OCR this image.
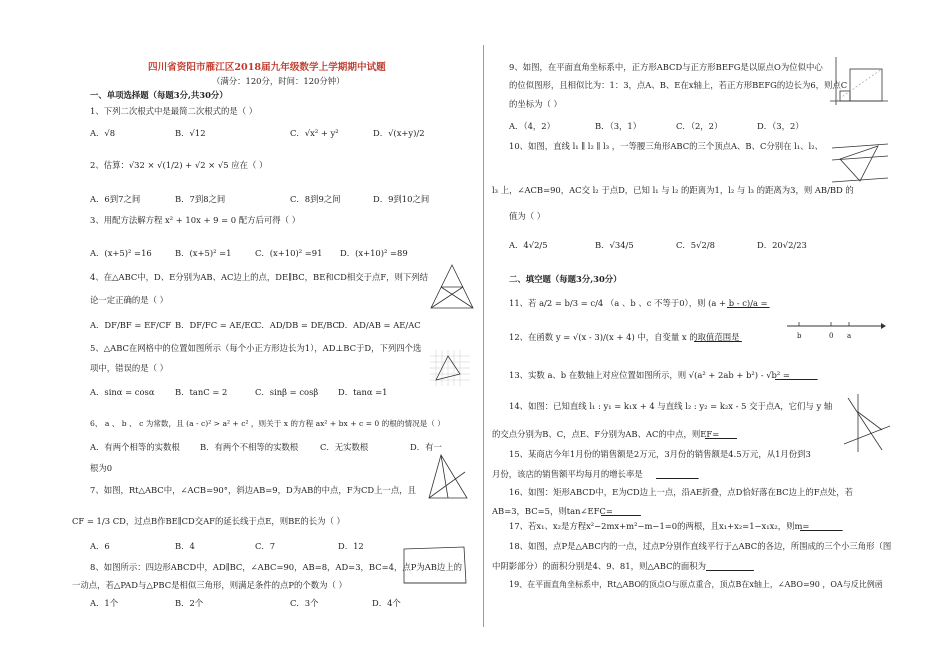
四川省资阳市雁江区2018届九年级数学上学期期中试题
（满分：120分，时间：120分钟）
一、单项选择题（每题3分,共30分）
1、下列二次根式中是最简二次根式的是（ ）
A．√8	B．√12	C．√x² + y²	D．√(x+y)/2
2、估算：√32 × √(1/2) + √2 × √5 应在（ ）
A．6到7之间	B．7到8之间	C．8到9之间	D．9到10之间
3、用配方法解方程 x² + 10x + 9 = 0 配方后可得（ ）
A．(x+5)² =16	B．(x+5)² =1	C．(x+10)² =91 D．(x+10)² =89
4、在△ABC中，D、E分别为AB、AC边上的点，DE∥BC，BE和CD相交于点F，则下列结
论一定正确的是（ ）
A．DF/BF = EF/CF B．DF/FC = AE/EC
C．AD/DB = DE/BC D．AD/AB = AE/AC
5、△ABC在网格中的位置如图所示（每个小正方形边长为1），AD⊥BC于D，下列四个选
项中，错误的是（ ）
A．sinα = cosα B．tanC = 2	C．sinβ = cosβ D．tanα =1
6、 a 、 b 、 c 为常数，且 (a - c)² > a² + c² ，则关于 x 的方程 ax² + bx + c = 0 的根的情况是（ ）
A．有两个相等的实数根 B．有两个不相等的实数根	C．无实数根	D．有一
根为0
7、如图，Rt△ABC中，∠ACB=90°，斜边AB=9，D为AB的中点，F为CD上一点，且
CF = 1/3 CD，过点B作BE∥CD交AF的延长线于点E，则BE的长为（ ）
A．6	B．4	C．7	D．12
8、如图所示：四边形ABCD中，AD∥BC，∠ABC=90，AB=8，AD=3，BC=4，点P为AB边上的
一动点，若△PAD与△PBC是相似三角形，则满足条件的点P的个数为（ ）
A．1个	B．2个	C．3个	D．4个
9、如图，在平面直角坐标系中，正方形ABCD与正方形BEFG是以原点O为位似中心
的位似图形，且相似比为：1：3，点A、B、E在x轴上，若正方形BEFG的边长为6，则点C
的坐标为（ ）
A．（4，2）	B．（3，1）	C．（2，2）	D．（3，2）
10、如图，直线 l₁ ∥ l₂ ∥ l₃ ，一等腰三角形ABC的三个顶点A、B、C分别在 l₁、l₂、
l₃ 上，∠ACB=90，AC交 l₂ 于点D，已知 l₁ 与 l₂ 的距离为1，l₂ 与 l₃ 的距离为3，则 AB/BD 的
值为（ ）
A．4√2/5	B．√34/5	C．5√2/8	D．20√2/23
二、填空题（每题3分,30分）
11、若 a/2 = b/3 = c/4 （a 、b 、c 不等于0），则 (a + b - c)/a =

12、在函数 y = √(x - 3)/(x + 4) 中，自变量 x 的取值范围是
	b	0 a
13、实数 a、b 在数轴上对应位置如图所示，则 √(a² + 2ab + b²) - √b² =

14、如图：已知直线 l₁ : y₁ = k₁x + 4 与直线 l₂ : y₂ = k₂x - 5 交于点A，它们与 y 轴
的交点分别为B、C，点E、F分别为AB、AC的中点，则EF=

15、某商店今年1月份的销售额是2万元，3月份的销售额是4.5万元，从1月份到3
月份，该店的销售额平均每月的增长率是

16、如图：矩形ABCD中，E为CD边上一点，沿AE折叠，点D恰好落在BC边上的F点处，若
AB=3，BC=5，则tan∠EFC=

17、若x₁、x₂是方程x²−2mx+m²−m−1=0的两根，且x₁+x₂=1−x₁x₂，则m=

18、如图，点P是△ABC内的一点，过点P分别作直线平行于△ABC的各边，所围成的三个小三角形（图
中阴影部分）的面积分别是4、9、81，则△ABC的面积为

19、在平面直角坐标系中，Rt△ABO的顶点O与原点重合，顶点B在x轴上，∠ABO=90 ，OA与反比例函
